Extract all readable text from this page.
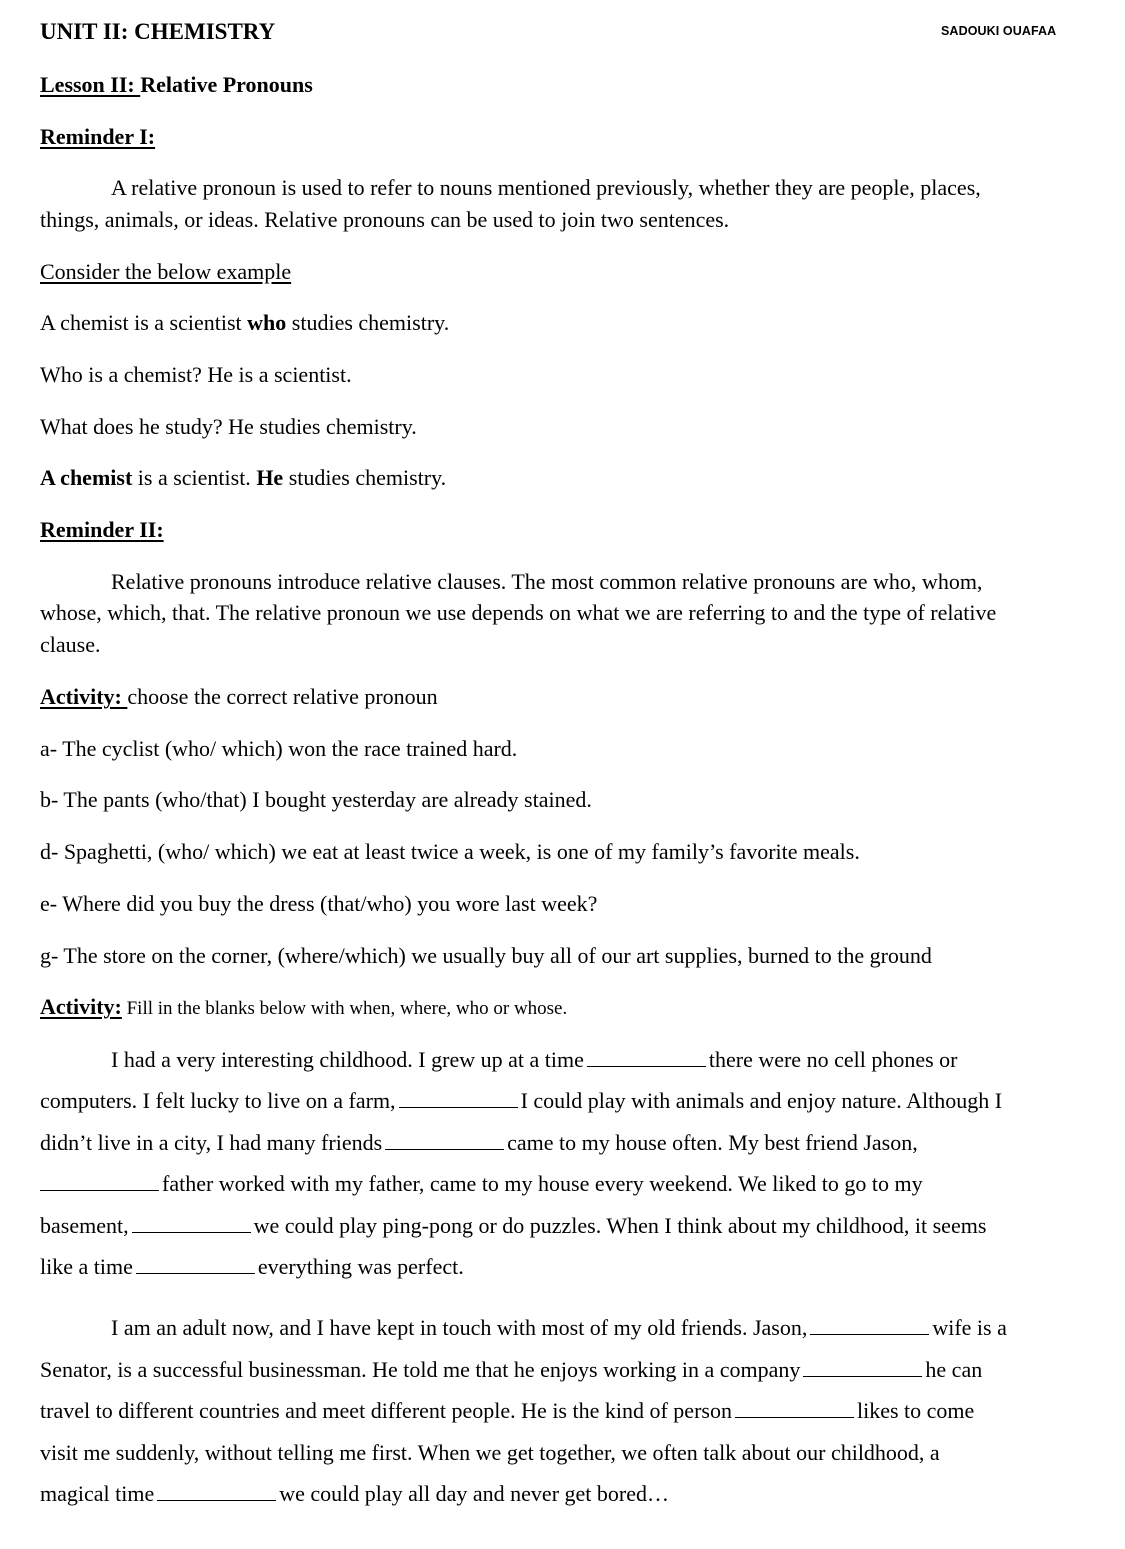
UNIT II: CHEMISTRY	SADOUKI OUAFAA
Lesson II: Relative Pronouns
Reminder I:
A relative pronoun is used to refer to nouns mentioned previously, whether they are people, places,
things, animals, or ideas. Relative pronouns can be used to join two sentences.
Consider the below example
A chemist is a scientist who studies chemistry.
Who is a chemist? He is a scientist.
What does he study? He studies chemistry.
A chemist is a scientist. He studies chemistry.
Reminder II:
Relative pronouns introduce relative clauses. The most common relative pronouns are who, whom,
whose, which, that. The relative pronoun we use depends on what we are referring to and the type of relative
clause.
Activity: choose the correct relative pronoun
a- The cyclist (who/ which) won the race trained hard.
b- The pants (who/that) I bought yesterday are already stained.
d- Spaghetti, (who/ which) we eat at least twice a week, is one of my family’s favorite meals.
e- Where did you buy the dress (that/who) you wore last week?
g- The store on the corner, (where/which) we usually buy all of our art supplies, burned to the ground
Activity: Fill in the blanks below with when, where, who or whose.
I had a very interesting childhood. I grew up at a time	there were no cell phones or
computers. I felt lucky to live on a farm,	I could play with animals and enjoy nature. Although I
didn’t live in a city, I had many friends	came to my house often. My best friend Jason,
father worked with my father, came to my house every weekend. We liked to go to my
basement,	we could play ping-pong or do puzzles. When I think about my childhood, it seems
like a time	everything was perfect.
I am an adult now, and I have kept in touch with most of my old friends. Jason,	wife is a
Senator, is a successful businessman. He told me that he enjoys working in a company	he can
travel to different countries and meet different people. He is the kind of person	likes to come
visit me suddenly, without telling me first. When we get together, we often talk about our childhood, a
magical time	we could play all day and never get bored…
